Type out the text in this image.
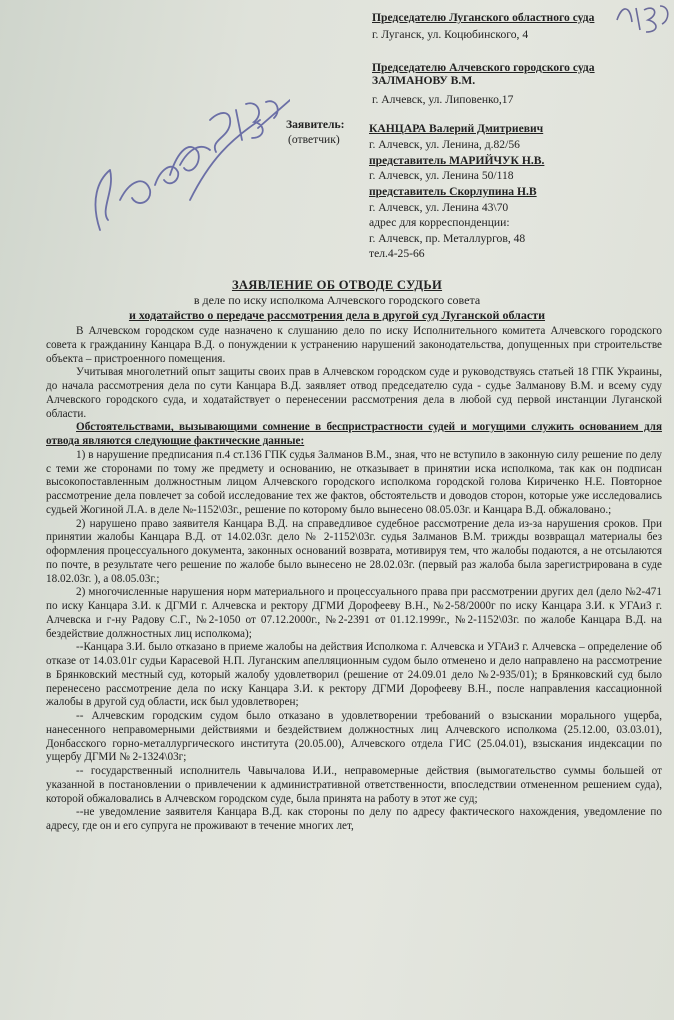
Председателю Луганского областного суда
г. Луганск, ул. Коцюбинского, 4
Председателю Алчевского городского суда
ЗАЛМАНОВУ В.М.
г. Алчевск, ул. Липовенко,17
Заявитель:
(ответчик)
КАНЦАРА Валерий Дмитриевич
г. Алчевск, ул. Ленина, д.82/56
представитель МАРИЙЧУК Н.В.
г. Алчевск, ул. Ленина 50/118
представитель Скорлупина Н.В
г. Алчевск, ул. Ленина 43\70
адрес для корреспонденции:
г. Алчевск, пр. Металлургов, 48
тел.4-25-66
ЗАЯВЛЕНИЕ ОБ ОТВОДЕ СУДЬИ
в деле по иску исполкома Алчевского городского совета
и ходатайство о передаче рассмотрения дела в другой суд Луганской области

В Алчевском городском суде назначено к слушанию дело по иску Исполнительного комитета Алчевского городского совета к гражданину Канцара В.Д. о понуждении к устранению нарушений законодательства, допущенных при строительстве объекта – пристроенного помещения.

Учитывая многолетний опыт защиты своих прав в Алчевском городском суде и руководствуясь статьей 18 ГПК Украины, до начала рассмотрения дела по сути Канцара В.Д. заявляет отвод председателю суда - судье Залманову В.М. и всему суду Алчевского городского суда, и ходатайствует о перенесении рассмотрения дела в любой суд первой инстанции Луганской области.

Обстоятельствами, вызывающими сомнение в беспристрастности судей и могущими служить основанием для отвода являются следующие фактические данные:

1) в нарушение предписания п.4 ст.136 ГПК судья Залманов В.М., зная, что не вступило в законную силу решение по делу с теми же сторонами по тому же предмету и основанию, не отказывает в принятии иска исполкома, так как он подписан высокопоставленным должностным лицом Алчевского городского исполкома городской голова Кириченко Н.Е. Повторное рассмотрение дела повлечет за собой исследование тех же фактов, обстоятельств и доводов сторон, которые уже исследовались судьей Жогиной Л.А. в деле №-1152\03г., решение по которому было вынесено 08.05.03г. и Канцара В.Д. обжаловано.;

2) нарушено право заявителя Канцара В.Д. на справедливое судебное рассмотрение дела из-за нарушения сроков. При принятии жалобы Канцара В.Д. от 14.02.03г. дело № 2-1152\03г. судья Залманов В.М. трижды возвращал материалы без оформления процессуального документа, законных оснований возврата, мотивируя тем, что жалобы подаются, а не отсылаются по почте, в результате чего решение по жалобе было вынесено не 28.02.03г. (первый раз жалоба была зарегистрирована в суде 18.02.03г. ), а 08.05.03г.;

2) многочисленные нарушения норм материального и процессуального права при рассмотрении других дел (дело №2-471 по иску Канцара З.И. к ДГМИ г. Алчевска и ректору ДГМИ Дорофееву В.Н., №2-58/2000г по иску Канцара З.И. к УГАиЗ г. Алчевска и г-ну Радову С.Г., №2-1050 от 07.12.2000г., №2-2391 от 01.12.1999г., №2-1152\03г. по жалобе Канцара В.Д. на бездействие должностных лиц исполкома);

--Канцара З.И. было отказано в приеме жалобы на действия Исполкома г. Алчевска и УГАиЗ г. Алчевска – определение об отказе от 14.03.01г судьи Карасевой Н.П. Луганским апелляционным судом было отменено и дело направлено на рассмотрение в Брянковский местный суд, который жалобу удовлетворил (решение от 24.09.01 дело №2-935/01); в Брянковский суд было перенесено рассмотрение дела по иску Канцара З.И. к ректору ДГМИ Дорофееву В.Н., после направления кассационной жалобы в другой суд области, иск был удовлетворен;

-- Алчевским городским судом было отказано в удовлетворении требований о взыскании морального ущерба, нанесенного неправомерными действиями и бездействием должностных лиц Алчевского исполкома (25.12.00, 03.03.01), Донбасского горно-металлургического института (20.05.00), Алчевского отдела ГИС (25.04.01), взыскания индексации по ущербу ДГМИ № 2-1324\03г;

-- государственный исполнитель Чавычалова И.И., неправомерные действия (вымогательство суммы большей от указанной в постановлении о привлечении к административной ответственности, впоследствии отмененном решением суда), которой обжаловались в Алчевском городском суде, была принята на работу в этот же суд;

--не уведомление заявителя Канцара В.Д. как стороны по делу по адресу фактического нахождения, уведомление по адресу, где он и его супруга не проживают в течение многих лет,
